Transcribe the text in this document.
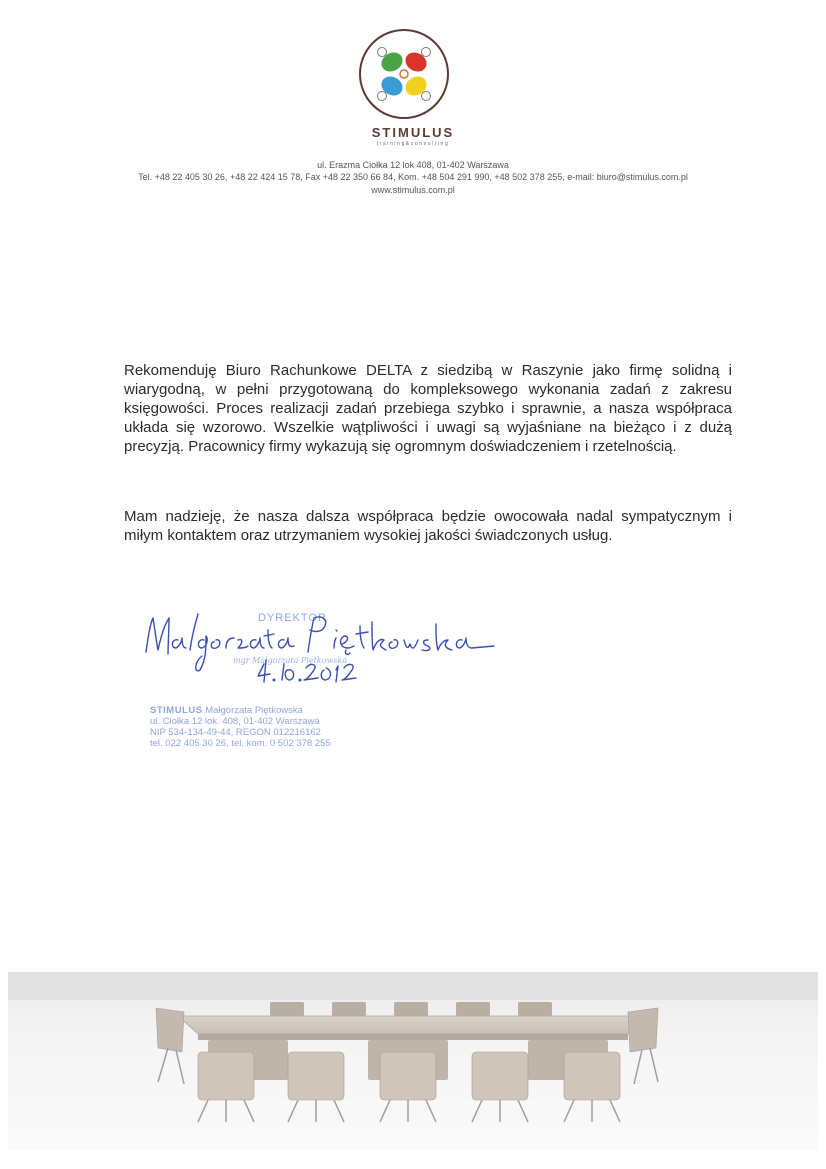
STIMULUS
training&consulting
ul. Erazma Ciołka 12 lok 408, 01-402 Warszawa
Tel. +48 22 405 30 26, +48 22 424 15 78, Fax +48 22 350 66 84, Kom. +48 504 291 990, +48 502 378 255, e-mail: biuro@stimulus.com.pl
www.stimulus.com.pl

Rekomenduję Biuro Rachunkowe DELTA z siedzibą w Raszynie jako firmę solidną i wiarygodną, w pełni przygotowaną do kompleksowego wykonania zadań z zakresu księgowości. Proces realizacji zadań przebiega szybko i sprawnie, a nasza współpraca układa się wzorowo. Wszelkie wątpliwości i uwagi są wyjaśniane na bieżąco i z dużą precyzją. Pracownicy firmy wykazują się ogromnym doświadczeniem i rzetelnością.

Mam nadzieję, że nasza dalsza współpraca będzie owocowała nadal sympatycznym i miłym kontaktem oraz utrzymaniem wysokiej jakości świadczonych usług.

DYREKTOR
mgr Małgorzata Piętkowska
STIMULUS Małgorzata Piętkowska
ul. Ciołka 12 lok. 408, 01-402 Warszawa
NIP 534-134-49-44, REGON 012216162
tel. 022 405 30 26, tel. kom. 0 502 378 255
